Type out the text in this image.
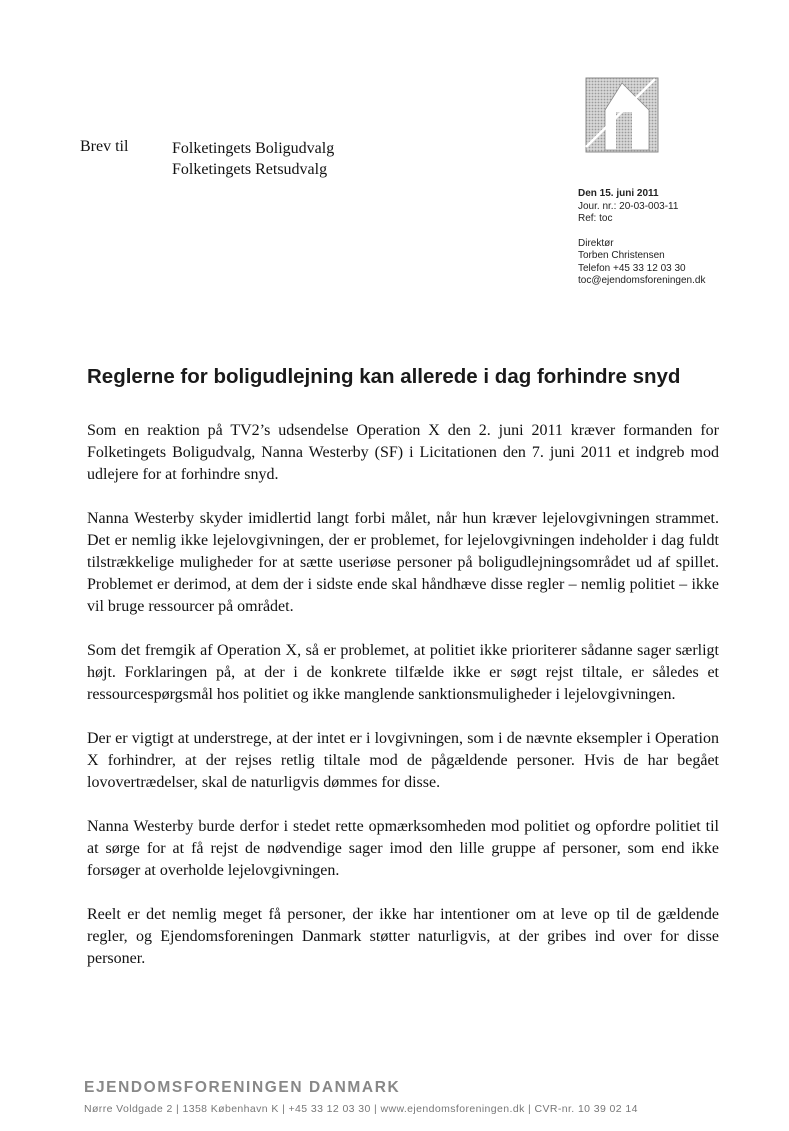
Brev til	Folketingets Boligudvalg
Folketingets Retsudvalg
Den 15. juni 2011
Jour. nr.: 20-03-003-11
Ref: toc
Direktør
Torben Christensen
Telefon +45 33 12 03 30
toc@ejendomsforeningen.dk
Reglerne for boligudlejning kan allerede i dag forhindre snyd

Som en reaktion på TV2’s udsendelse Operation X den 2. juni 2011 kræver formanden for Folketingets Boligudvalg, Nanna Westerby (SF) i Licitationen den 7. juni 2011 et indgreb mod udlejere for at forhindre snyd.

Nanna Westerby skyder imidlertid langt forbi målet, når hun kræver lejelovgivningen strammet. Det er nemlig ikke lejelovgivningen, der er problemet, for lejelovgivningen indeholder i dag fuldt tilstrækkelige muligheder for at sætte useriøse personer på boligudlejningsområdet ud af spillet. Problemet er derimod, at dem der i sidste ende skal håndhæve disse regler – nemlig politiet – ikke vil bruge ressourcer på området.

Som det fremgik af Operation X, så er problemet, at politiet ikke prioriterer sådanne sager særligt højt. Forklaringen på, at der i de konkrete tilfælde ikke er søgt rejst tiltale, er således et ressourcespørgsmål hos politiet og ikke manglende sanktionsmuligheder i lejelovgivningen.

Der er vigtigt at understrege, at der intet er i lovgivningen, som i de nævnte eksempler i Operation X forhindrer, at der rejses retlig tiltale mod de pågældende personer. Hvis de har begået lovovertrædelser, skal de naturligvis dømmes for disse.

Nanna Westerby burde derfor i stedet rette opmærksomheden mod politiet og opfordre politiet til at sørge for at få rejst de nødvendige sager imod den lille gruppe af personer, som end ikke forsøger at overholde lejelovgivningen.

Reelt er det nemlig meget få personer, der ikke har intentioner om at leve op til de gældende regler, og Ejendomsforeningen Danmark støtter naturligvis, at der gribes ind over for disse personer.

EJENDOMSFORENINGEN DANMARK
Nørre Voldgade 2 | 1358 København K | +45 33 12 03 30 | www.ejendomsforeningen.dk | CVR-nr. 10 39 02 14
